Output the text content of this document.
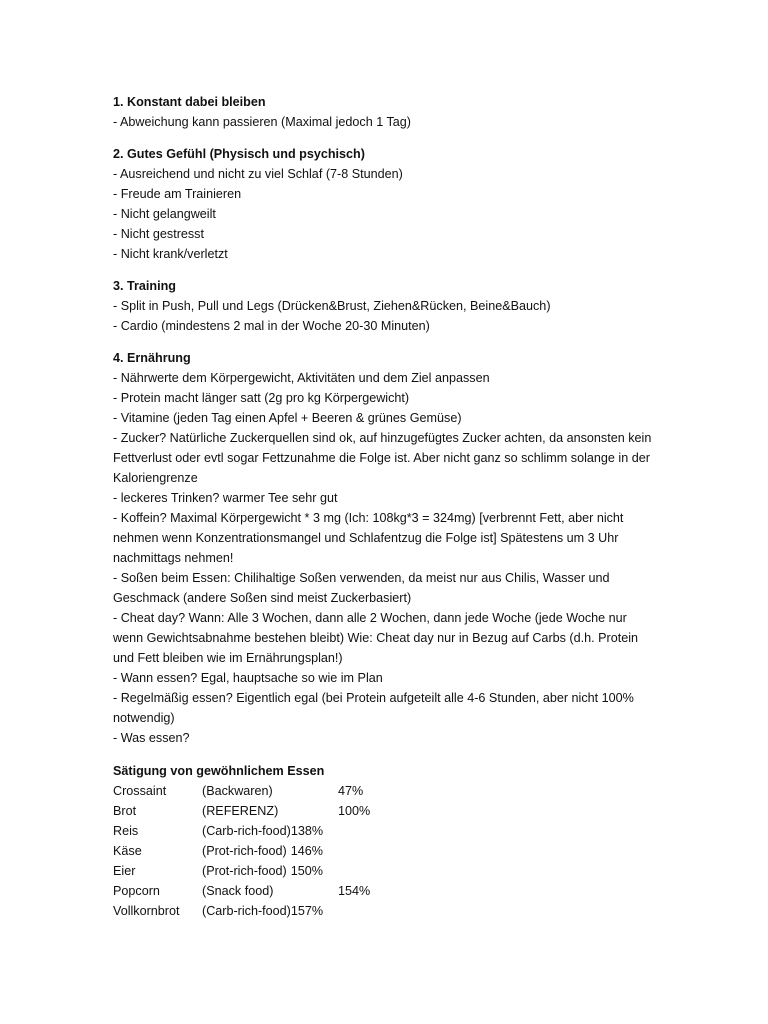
1. Konstant dabei bleiben
- Abweichung kann passieren (Maximal jedoch 1 Tag)
2. Gutes Gefühl (Physisch und psychisch)
- Ausreichend und nicht zu viel Schlaf (7-8 Stunden)
- Freude am Trainieren
- Nicht gelangweilt
- Nicht gestresst
- Nicht krank/verletzt
3. Training
- Split in Push, Pull und Legs (Drücken&Brust, Ziehen&Rücken, Beine&Bauch)
- Cardio (mindestens 2 mal in der Woche 20-30 Minuten)
4. Ernährung
- Nährwerte dem Körpergewicht, Aktivitäten und dem Ziel anpassen
- Protein macht länger satt (2g pro kg Körpergewicht)
- Vitamine (jeden Tag einen Apfel + Beeren & grünes Gemüse)
- Zucker? Natürliche Zuckerquellen sind ok, auf hinzugefügtes Zucker achten, da ansonsten kein
Fettverlust oder evtl sogar Fettzunahme die Folge ist. Aber nicht ganz so schlimm solange in der
Kaloriengrenze
- leckeres Trinken? warmer Tee sehr gut
- Koffein? Maximal Körpergewicht * 3 mg (Ich: 108kg*3 = 324mg) [verbrennt Fett, aber nicht
nehmen wenn Konzentrationsmangel und Schlafentzug die Folge ist] Spätestens um 3 Uhr
nachmittags nehmen!
- Soßen beim Essen: Chilihaltige Soßen verwenden, da meist nur aus Chilis, Wasser und
Geschmack (andere Soßen sind meist Zuckerbasiert)
- Cheat day? Wann: Alle 3 Wochen, dann alle 2 Wochen, dann jede Woche (jede Woche nur
wenn Gewichtsabnahme bestehen bleibt) Wie: Cheat day nur in Bezug auf Carbs (d.h. Protein
und Fett bleiben wie im Ernährungsplan!)
- Wann essen? Egal, hauptsache so wie im Plan
- Regelmäßig essen? Eigentlich egal (bei Protein aufgeteilt alle 4-6 Stunden, aber nicht 100%
notwendig)
- Was essen?
Sätigung von gewöhnlichem Essen
Crossaint	(Backwaren)	47%
Brot	(REFERENZ)	100%
Reis	(Carb-rich-food) 138%
Käse	(Prot-rich-food) 146%
Eier	(Prot-rich-food) 150%
Popcorn	(Snack food)	154%
Vollkornbrot	(Carb-rich-food) 157%
